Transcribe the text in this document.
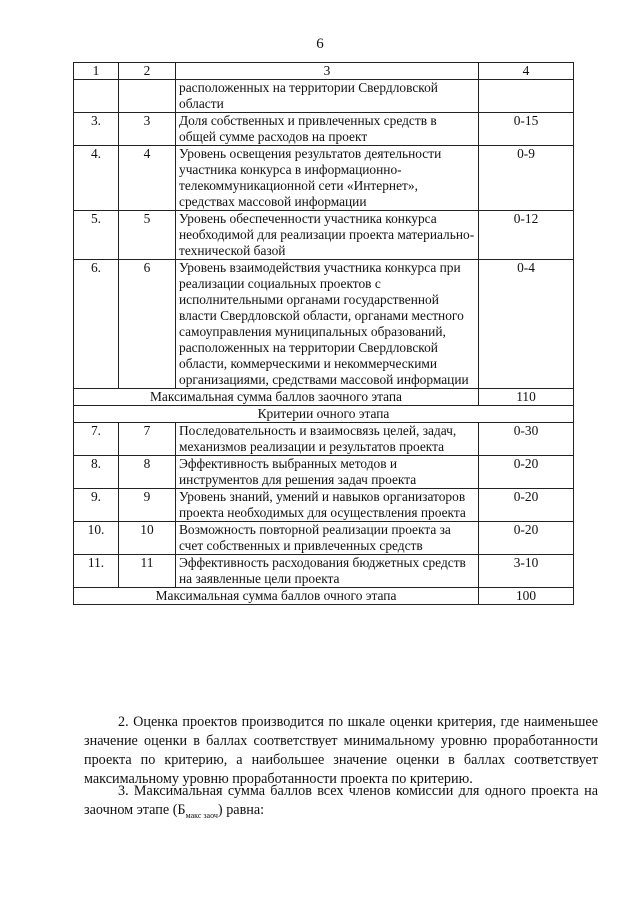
6
1	2	3	4
		расположенных на территории Свердловской области	
3.	3	Доля собственных и привлеченных средств в общей сумме расходов на проект	0-15
4.	4	Уровень освещения результатов деятельности участника конкурса в информационно-телекоммуникационной сети «Интернет», средствах массовой информации	0-9
5.	5	Уровень обеспеченности участника конкурса необходимой для реализации проекта материально-технической базой	0-12
6.	6	Уровень взаимодействия участника конкурса при реализации социальных проектов с исполнительными органами государственной власти Свердловской области, органами местного самоуправления муниципальных образований, расположенных на территории Свердловской области, коммерческими и некоммерческими организациями, средствами массовой информации	0-4
Максимальная сумма баллов заочного этапа			110
Критерии очного этапа			
7.	7	Последовательность и взаимосвязь целей, задач, механизмов реализации и результатов проекта	0-30
8.	8	Эффективность выбранных методов и инструментов для решения задач проекта	0-20
9.	9	Уровень знаний, умений и навыков организаторов проекта необходимых для осуществления проекта	0-20
10.	10	Возможность повторной реализации проекта за счет собственных и привлеченных средств	0-20
11.	11	Эффективность расходования бюджетных средств на заявленные цели проекта	3-10
Максимальная сумма баллов очного этапа			100
2. Оценка проектов производится по шкале оценки критерия, где наименьшее значение оценки в баллах соответствует минимальному уровню проработанности проекта по критерию, а наибольшее значение оценки в баллах соответствует максимальному уровню проработанности проекта по критерию.
3. Максимальная сумма баллов всех членов комиссии для одного проекта на заочном этапе $(Б_{макс заоч})$ равна:
